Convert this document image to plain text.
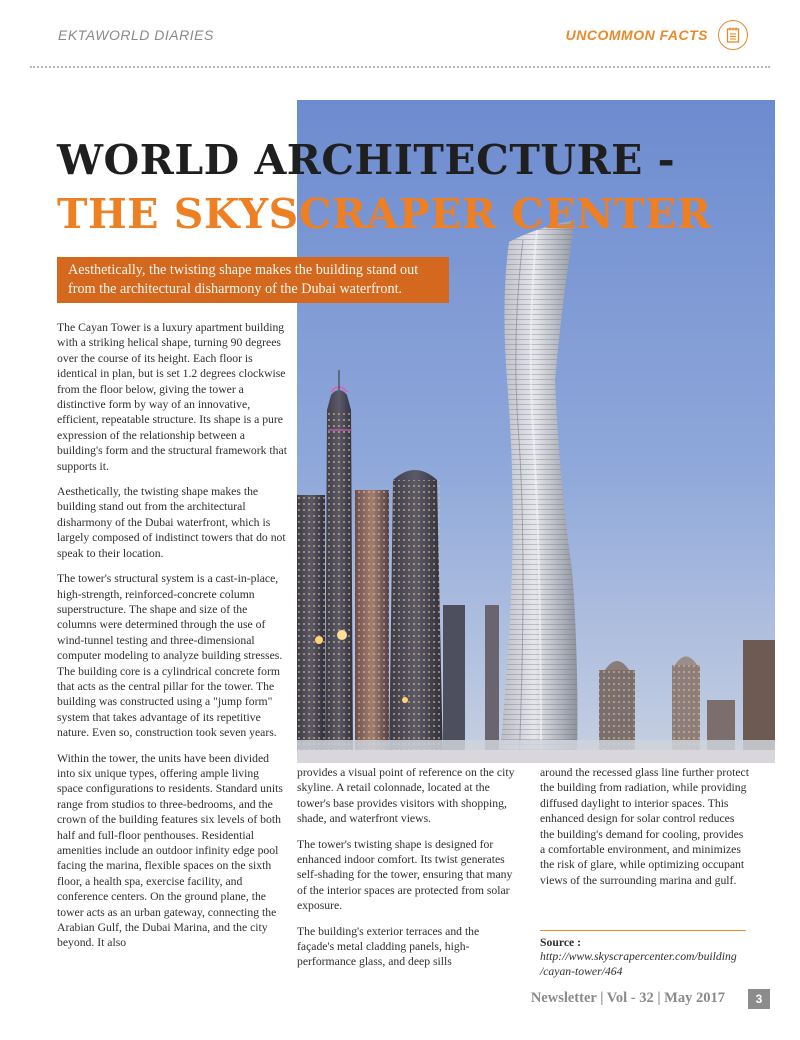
EKTAWORLD DIARIES	UNCOMMON FACTS
WORLD ARCHITECTURE -
THE SKYSCRAPER CENTER
Aesthetically, the twisting shape makes the building stand out
from the architectural disharmony of the Dubai waterfront.

The Cayan Tower is a luxury apartment building with a striking helical shape, turning 90 degrees over the course of its height. Each floor is identical in plan, but is set 1.2 degrees clockwise from the floor below, giving the tower a distinctive form by way of an innovative, efficient, repeatable structure. Its shape is a pure expression of the relationship between a building's form and the structural framework that supports it.

Aesthetically, the twisting shape makes the building stand out from the architectural disharmony of the Dubai waterfront, which is largely composed of indistinct towers that do not speak to their location.

The tower's structural system is a cast-in-place, high-strength, reinforced-concrete column superstructure. The shape and size of the columns were determined through the use of wind-tunnel testing and three-dimensional computer modeling to analyze building stresses. The building core is a cylindrical concrete form that acts as the central pillar for the tower. The building was constructed using a "jump form" system that takes advantage of its repetitive nature. Even so, construction took seven years.

Within the tower, the units have been divided into six unique types, offering ample living space configurations to residents. Standard units range from studios to three-bedrooms, and the crown of the building features six levels of both half and full-floor penthouses. Residential amenities include an outdoor infinity edge pool facing the marina, flexible spaces on the sixth floor, a health spa, exercise facility, and conference centers. On the ground plane, the tower acts as an urban gateway, connecting the Arabian Gulf, the Dubai Marina, and the city beyond. It also

provides a visual point of reference on the city skyline. A retail colonnade, located at the tower's base provides visitors with shopping, shade, and waterfront views.

The tower's twisting shape is designed for enhanced indoor comfort. Its twist generates self-shading for the tower, ensuring that many of the interior spaces are protected from solar exposure.

The building's exterior terraces and the façade's metal cladding panels, high-performance glass, and deep sills

around the recessed glass line further protect the building from radiation, while providing diffused daylight to interior spaces. This enhanced design for solar control reduces the building's demand for cooling, provides a comfortable environment, and minimizes the risk of glare, while optimizing occupant views of the surrounding marina and gulf.

Source :
http://www.skyscrapercenter.com/building
/cayan-tower/464
Newsletter | Vol - 32 | May 2017	3
